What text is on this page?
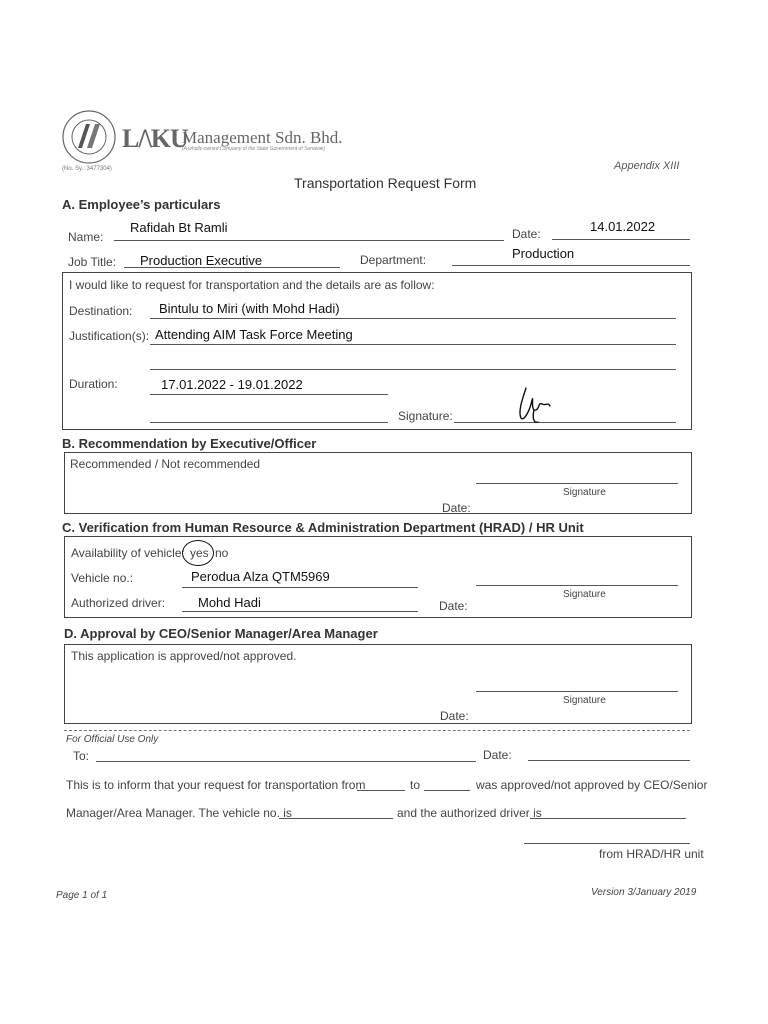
(No. Sy.: 3477304)
L/\KU
Management Sdn. Bhd.
(A wholly-owned Company of the State Government of Sarawak)
Appendix XIII
Transportation Request Form
A. Employee’s particulars
Name:
Rafidah Bt Ramli	Date:	14.01.2022
Job Title: Production Executive	Department:	Production
I would like to request for transportation and the details are as follow:
Destination: Bintulu to Miri (with Mohd Hadi)
Justification(s): Attending AIM Task Force Meeting
Duration:	17.01.2022 - 19.01.2022
Signature:
B. Recommendation by Executive/Officer
Recommended / Not recommended
Signature
Date:
C. Verification from Human Resource & Administration Department (HRAD) / HR Unit
Availability of vehicle: yes no
Vehicle no.:	Perodua Alza QTM5969
Authorized driver:	Mohd Hadi
Signature
Date:
D. Approval by CEO/Senior Manager/Area Manager
This application is approved/not approved.
Signature
Date:
For Official Use Only
To:	Date:
This is to inform that your request for transportation from	to	was approved/not approved by CEO/Senior
Manager/Area Manager. The vehicle no. is	and the authorized driver is
from HRAD/HR unit
Page 1 of 1	Version 3/January 2019
